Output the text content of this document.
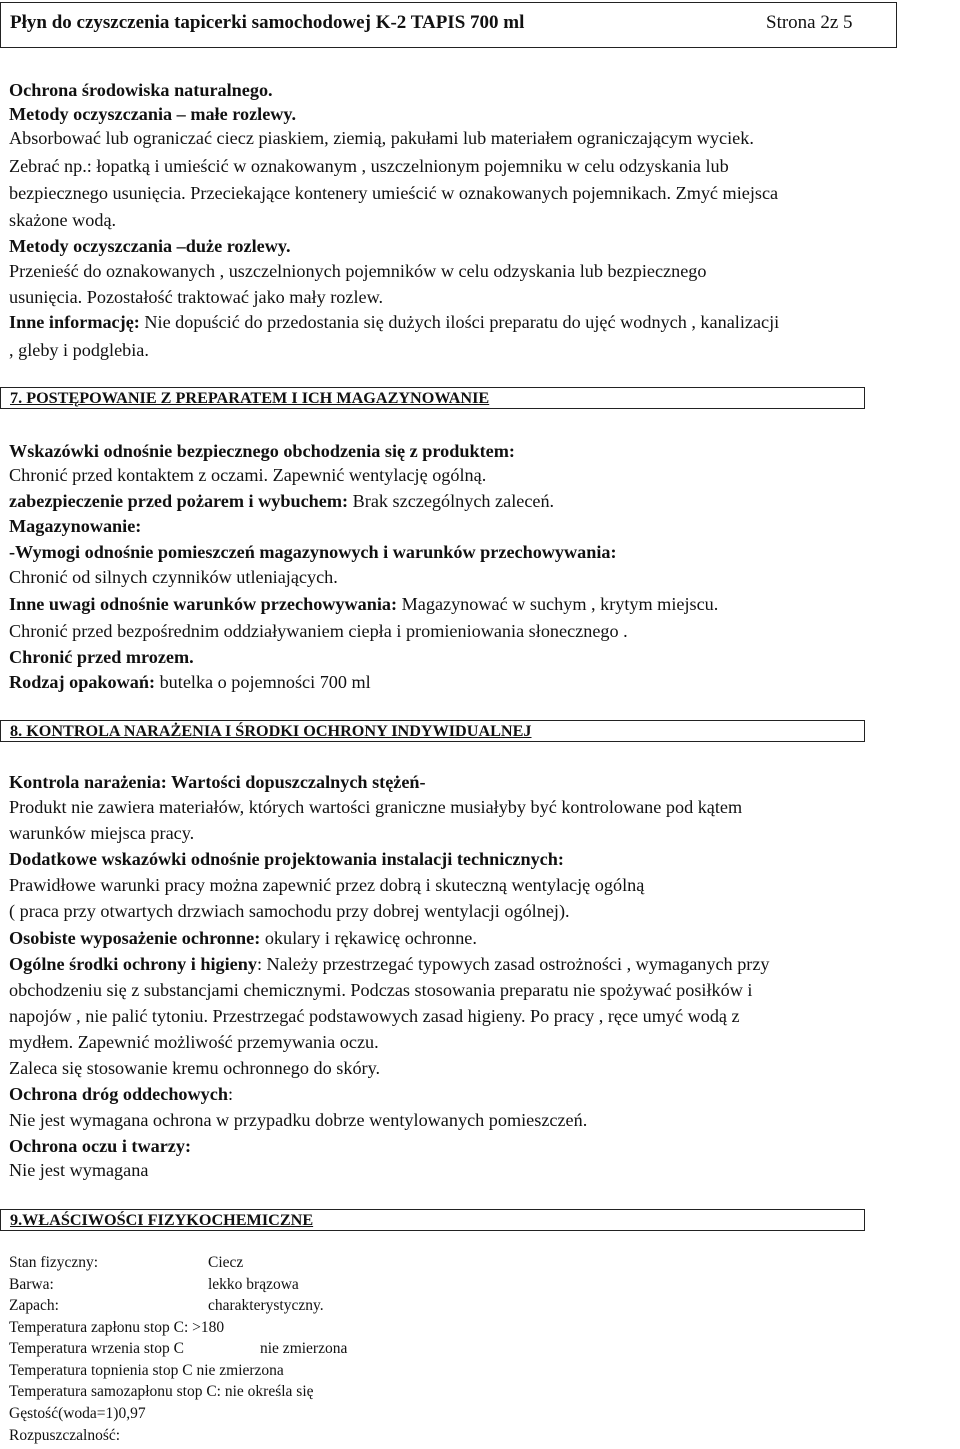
Płyn do czyszczenia tapicerki samochodowej K-2 TAPIS 700 ml	Strona 2z 5
Ochrona środowiska naturalnego.
Metody oczyszczania – małe rozlewy.
Absorbować lub ograniczać ciecz piaskiem, ziemią, pakułami lub materiałem ograniczającym wyciek.
Zebrać np.: łopatką i umieścić w oznakowanym , uszczelnionym pojemniku w celu odzyskania lub
bezpiecznego usunięcia. Przeciekające kontenery umieścić w oznakowanych pojemnikach. Zmyć miejsca
skażone wodą.
Metody oczyszczania –duże rozlewy.
Przenieść do oznakowanych , uszczelnionych pojemników w celu odzyskania lub bezpiecznego
usunięcia. Pozostałość traktować jako mały rozlew.
Inne informację: Nie dopuścić do przedostania się dużych ilości preparatu do ujęć wodnych , kanalizacji
, gleby i podglebia.
7. POSTĘPOWANIE Z PREPARATEM I ICH MAGAZYNOWANIE
Wskazówki odnośnie bezpiecznego obchodzenia się z produktem:
Chronić przed kontaktem z oczami. Zapewnić wentylację ogólną.
zabezpieczenie przed pożarem i wybuchem: Brak szczególnych zaleceń.
Magazynowanie:
-Wymogi odnośnie pomieszczeń magazynowych i warunków przechowywania:
Chronić od silnych czynników utleniających.
Inne uwagi odnośnie warunków przechowywania: Magazynować w suchym , krytym miejscu.
Chronić przed bezpośrednim oddziaływaniem ciepła i promieniowania słonecznego .
Chronić przed mrozem.
Rodzaj opakowań: butelka o pojemności 700 ml
8. KONTROLA NARAŻENIA I ŚRODKI OCHRONY INDYWIDUALNEJ
Kontrola narażenia: Wartości dopuszczalnych stężeń-
Produkt nie zawiera materiałów, których wartości graniczne musiałyby być kontrolowane pod kątem
warunków miejsca pracy.
Dodatkowe wskazówki odnośnie projektowania instalacji technicznych:
Prawidłowe warunki pracy można zapewnić przez dobrą i skuteczną wentylację ogólną
( praca przy otwartych drzwiach samochodu przy dobrej wentylacji ogólnej).
Osobiste wyposażenie ochronne: okulary i rękawicę ochronne.
Ogólne środki ochrony i higieny: Należy przestrzegać typowych zasad ostrożności , wymaganych przy
obchodzeniu się z substancjami chemicznymi. Podczas stosowania preparatu nie spożywać posiłków i
napojów , nie palić tytoniu. Przestrzegać podstawowych zasad higieny. Po pracy , ręce umyć wodą z
mydłem. Zapewnić możliwość przemywania oczu.
Zaleca się stosowanie kremu ochronnego do skóry.
Ochrona dróg oddechowych:
Nie jest wymagana ochrona w przypadku dobrze wentylowanych pomieszczeń.
Ochrona oczu i twarzy:
Nie jest wymagana
9.WŁAŚCIWOŚCI FIZYKOCHEMICZNE
Stan fizyczny:	Ciecz
Barwa:	lekko brązowa
Zapach:	charakterystyczny.
Temperatura zapłonu stop C: >180
Temperatura wrzenia stop C	nie zmierzona
Temperatura topnienia stop C nie zmierzona
Temperatura samozapłonu stop C: nie określa się
Gęstość(woda=1)0,97
Rozpuszczalność:
